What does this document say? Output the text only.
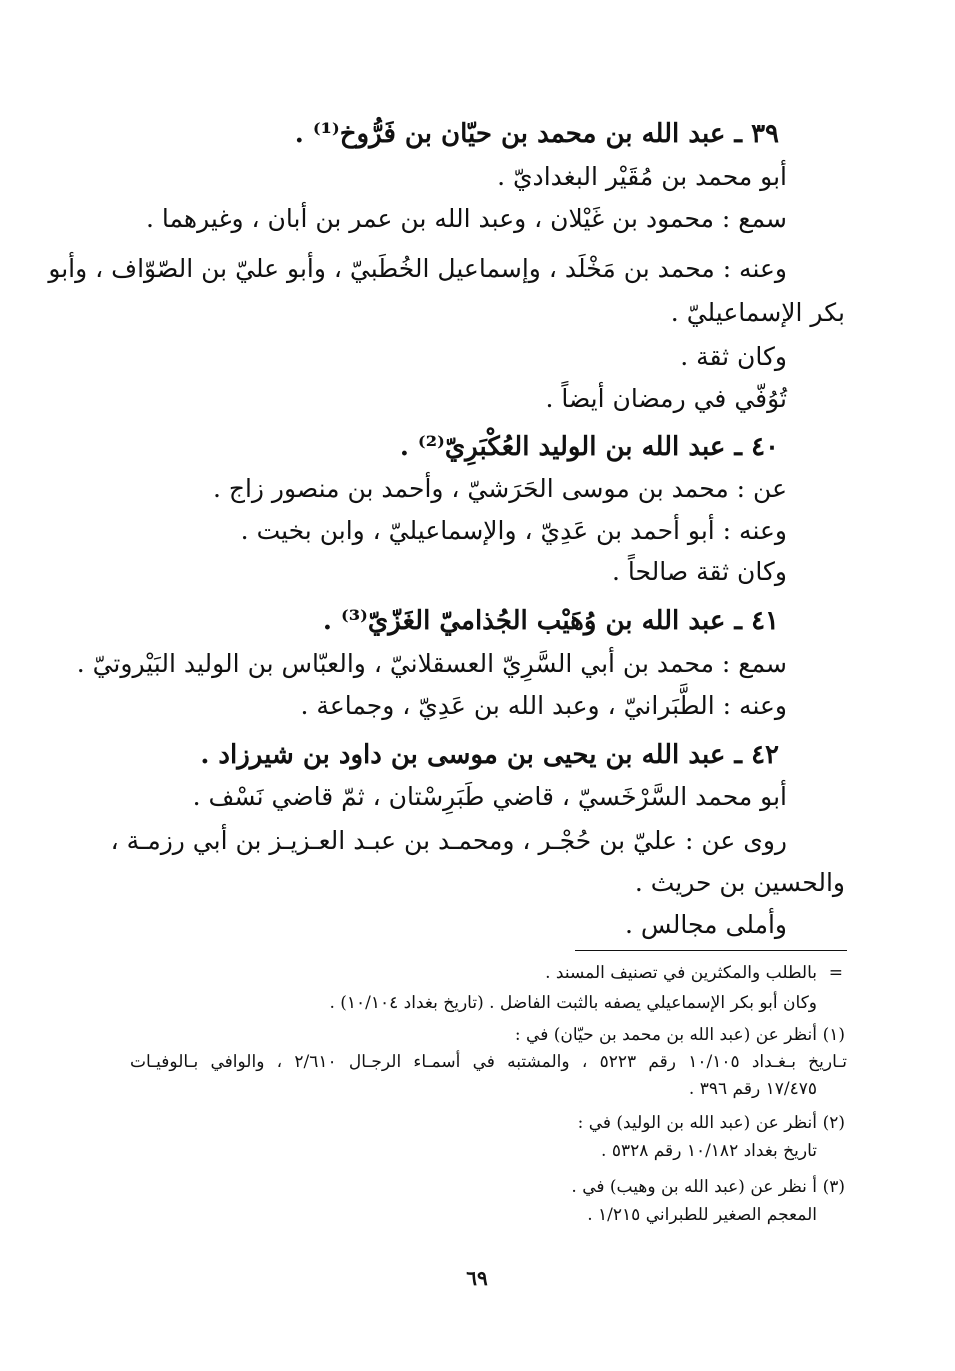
٣٩ ـ عبد الله بن محمد بن حيّان بن فَرُّوخ⁽¹⁾ .
أبو محمد بن مُقَيْر البغداديّ .
سمع : محمود بن غَيْلان ، وعبد الله بن عمر بن أبان ، وغيرهما .
وعنه : محمد بن مَخْلَد ، وإسماعيل الخُطَبيّ ، وأبو عليّ بن الصّوّاف ، وأبو
بكر الإسماعيليّ .
وكان ثقة .
تُوُفّي في رمضان أيضاً .
٤٠ ـ عبد الله بن الوليد العُكْبَرِيّ⁽²⁾ .
عن : محمد بن موسى الحَرَشيّ ، وأحمد بن منصور زاج .
وعنه : أبو أحمد بن عَدِيّ ، والإسماعيليّ ، وابن بخيت .
وكان ثقة صالحاً .
٤١ ـ عبد الله بن وُهَيْب الجُذاميّ الغَزّيّ⁽³⁾ .
سمع : محمد بن أبي السَّرِيّ العسقلانيّ ، والعبّاس بن الوليد البَيْروتيّ .
وعنه : الطَّبَرانيّ ، وعبد الله بن عَدِيّ ، وجماعة .
٤٢ ـ عبد الله بن يحيى بن موسى بن داود بن شيرزاد .
أبو محمد السَّرْخَسيّ ، قاضي طَبَرِسْتان ، ثمّ قاضي نَسْف .
روى عن : عليّ بن حُجْـر ، ومحمـد بن عبـد العـزيـز بن أبي رزمـة ،
والحسين بن حريث .
وأملى مجالس .
=
بالطلب والمكثرين في تصنيف المسند .
وكان أبو بكر الإسماعيلي يصفه بالثبت الفاضل . (تاريخ بغداد ١٠/١٠٤) .
(١)
أنظر عن (عبد الله بن محمد بن حيّان) في :
تـاريخ بـغـداد ١٠/١٠٥ رقم ٥٢٢٣ ، والمشتبه في أسمـاء الرجـال ٢/٦١٠ ، والوافي بـالوفيـات
١٧/٤٧٥ رقم ٣٩٦ .
(٢)
أنظر عن (عبد الله بن الوليد) في :
تاريخ بغداد ١٠/١٨٢ رقم ٥٣٢٨ .
(٣)
أ نظر عن (عبد الله بن وهيب) في .
المعجم الصغير للطبراني ١/٢١٥ .
٦٩
